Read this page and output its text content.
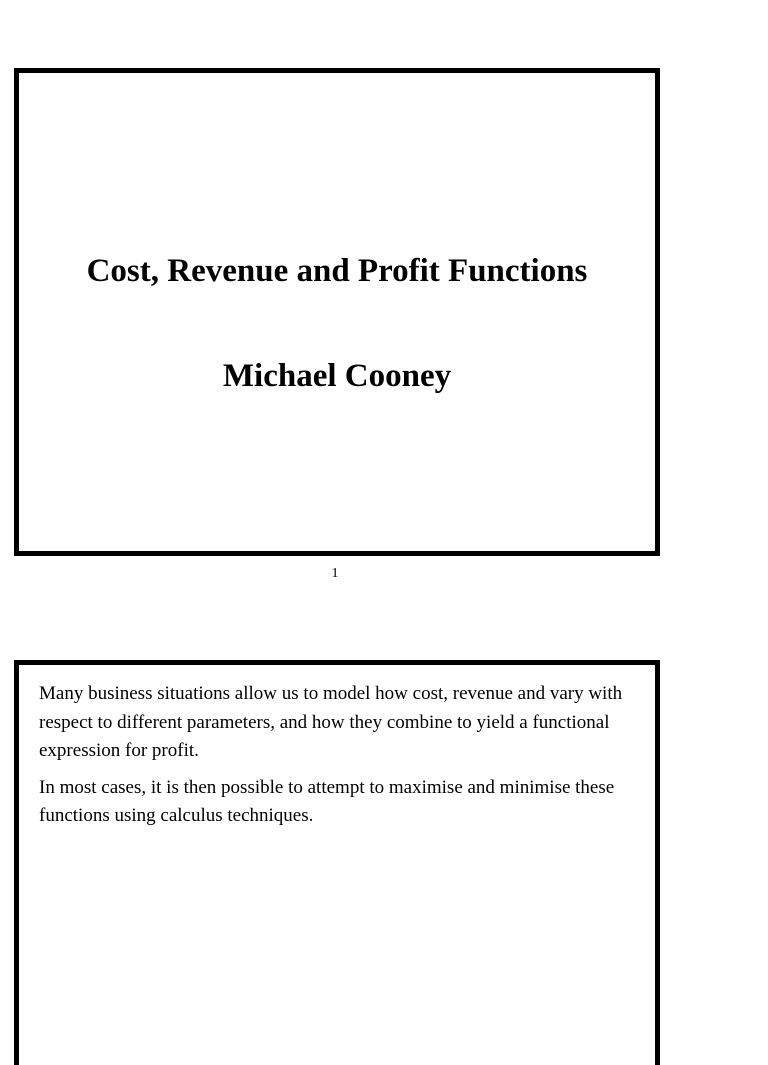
Cost, Revenue and Profit Functions
Michael Cooney
1

Many business situations allow us to model how cost, revenue and vary with respect to different parameters, and how they combine to yield a functional expression for profit.

In most cases, it is then possible to attempt to maximise and minimise these functions using calculus techniques.
